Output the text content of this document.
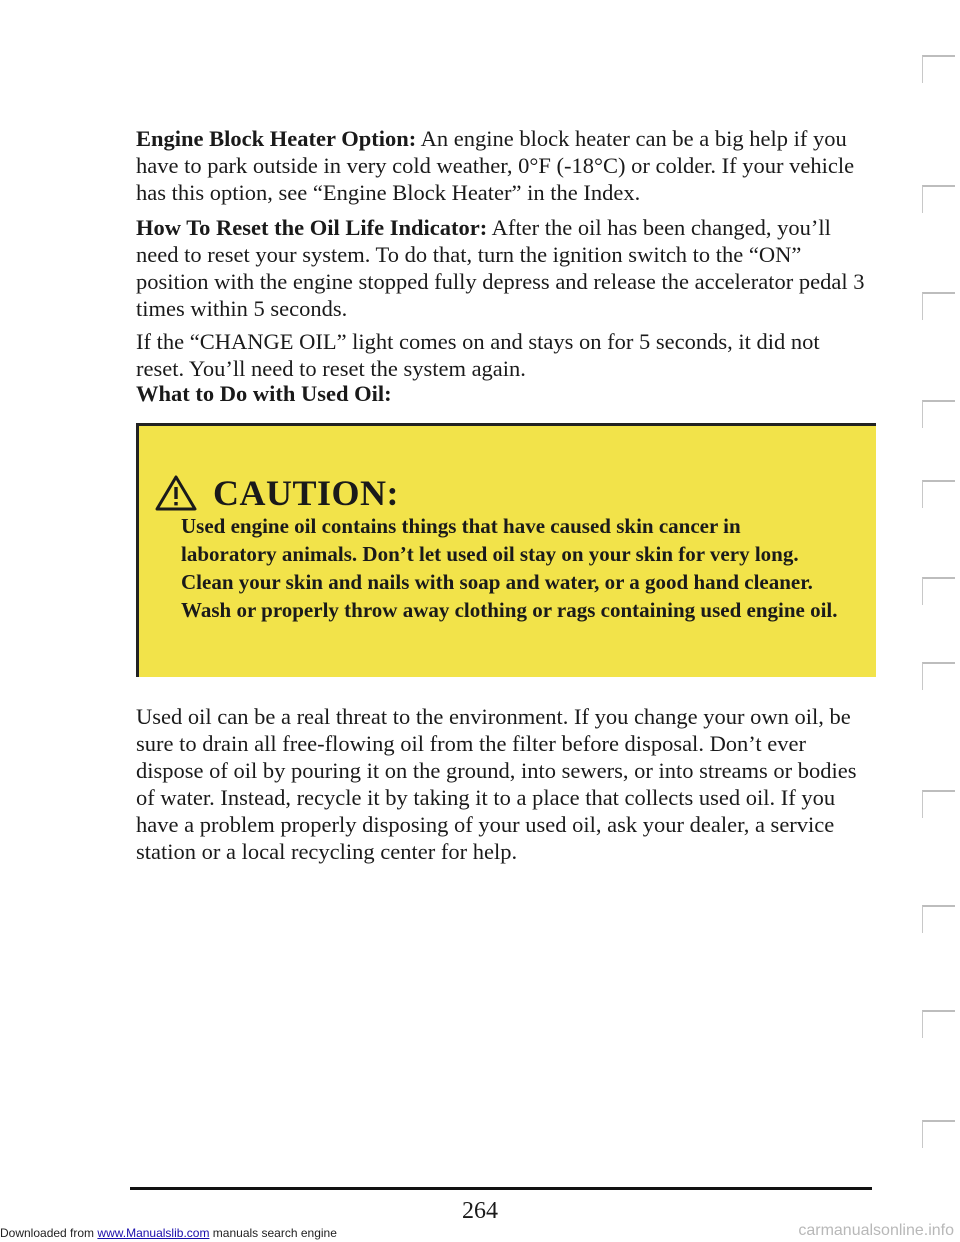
Engine Block Heater Option: An engine block heater can be a big help if you have to park outside in very cold weather, 0°F (-18°C) or colder. If your vehicle has this option, see “Engine Block Heater” in the Index.

How To Reset the Oil Life Indicator: After the oil has been changed, you’ll need to reset your system. To do that, turn the ignition switch to the “ON” position with the engine stopped fully depress and release the accelerator pedal 3 times within 5 seconds.

If the “CHANGE OIL” light comes on and stays on for 5 seconds, it did not reset. You’ll need to reset the system again.

What to Do with Used Oil:

CAUTION:

Used engine oil contains things that have caused skin cancer in laboratory animals. Don’t let used oil stay on your skin for very long. Clean your skin and nails with soap and water, or a good hand cleaner. Wash or properly throw away clothing or rags containing used engine oil.

Used oil can be a real threat to the environment. If you change your own oil, be sure to drain all free-flowing oil from the filter before disposal. Don’t ever dispose of oil by pouring it on the ground, into sewers, or into streams or bodies of water. Instead, recycle it by taking it to a place that collects used oil. If you have a problem properly disposing of your used oil, ask your dealer, a service station or a local recycling center for help.

264
Downloaded from www.Manualslib.com manuals search engine	carmanualsonline.info
